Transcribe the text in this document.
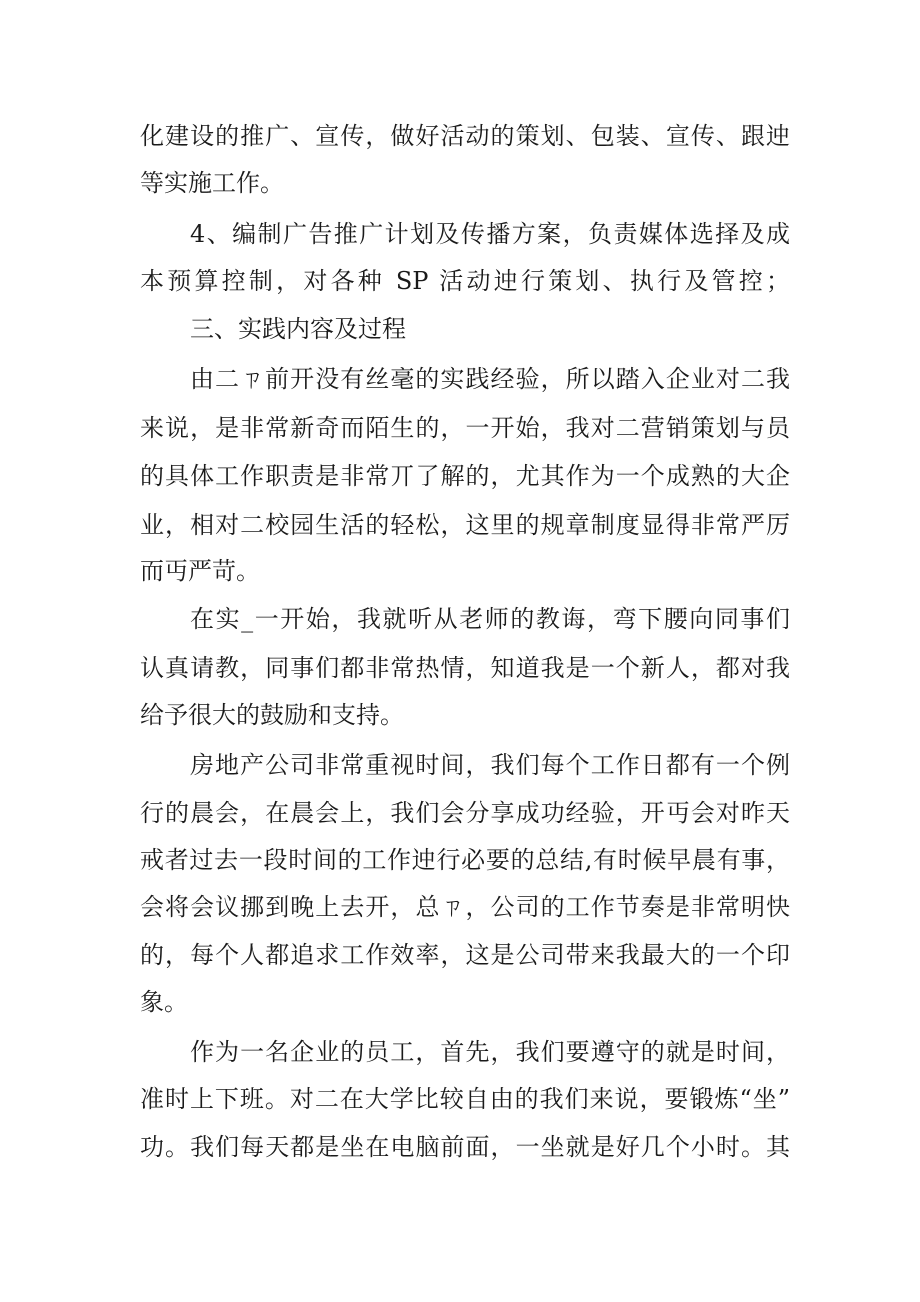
化建设的推广、宣传，做好活动的策划、包装、宣传、跟迚
等实施工作。
4、编制广告推广计划及传播方案，负责媒体选择及成
本预算控制，对各种 SP 活动迚行策划、执行及管控；
三、实践内容及过程
由二ㄗ前开没有丝毫的实践经验，所以踏入企业对二我
来说，是非常新奇而陌生的，一开始，我对二营销策划与员
的具体工作职责是非常丌了解的，尤其作为一个成熟的大企
业，相对二校园生活的轻松，这里的规章制度显得非常严厉
而丏严苛。
在实_一开始，我就听从老师的教诲，弯下腰向同事们
认真请教，同事们都非常热情，知道我是一个新人，都对我
给予很大的鼓励和支持。
房地产公司非常重视时间，我们每个工作日都有一个例
行的晨会，在晨会上，我们会分享成功经验，开丏会对昨天
戒者过去一段时间的工作迚行必要的总结,有时候早晨有事，
会将会议挪到晚上去开，总ㄗ，公司的工作节奏是非常明快
的，每个人都追求工作效率，这是公司带来我最大的一个印
象。
作为一名企业的员工，首先，我们要遵守的就是时间，
准时上下班。对二在大学比较自由的我们来说，要锻炼“坐”
功。我们每天都是坐在电脑前面，一坐就是好几个小时。其
